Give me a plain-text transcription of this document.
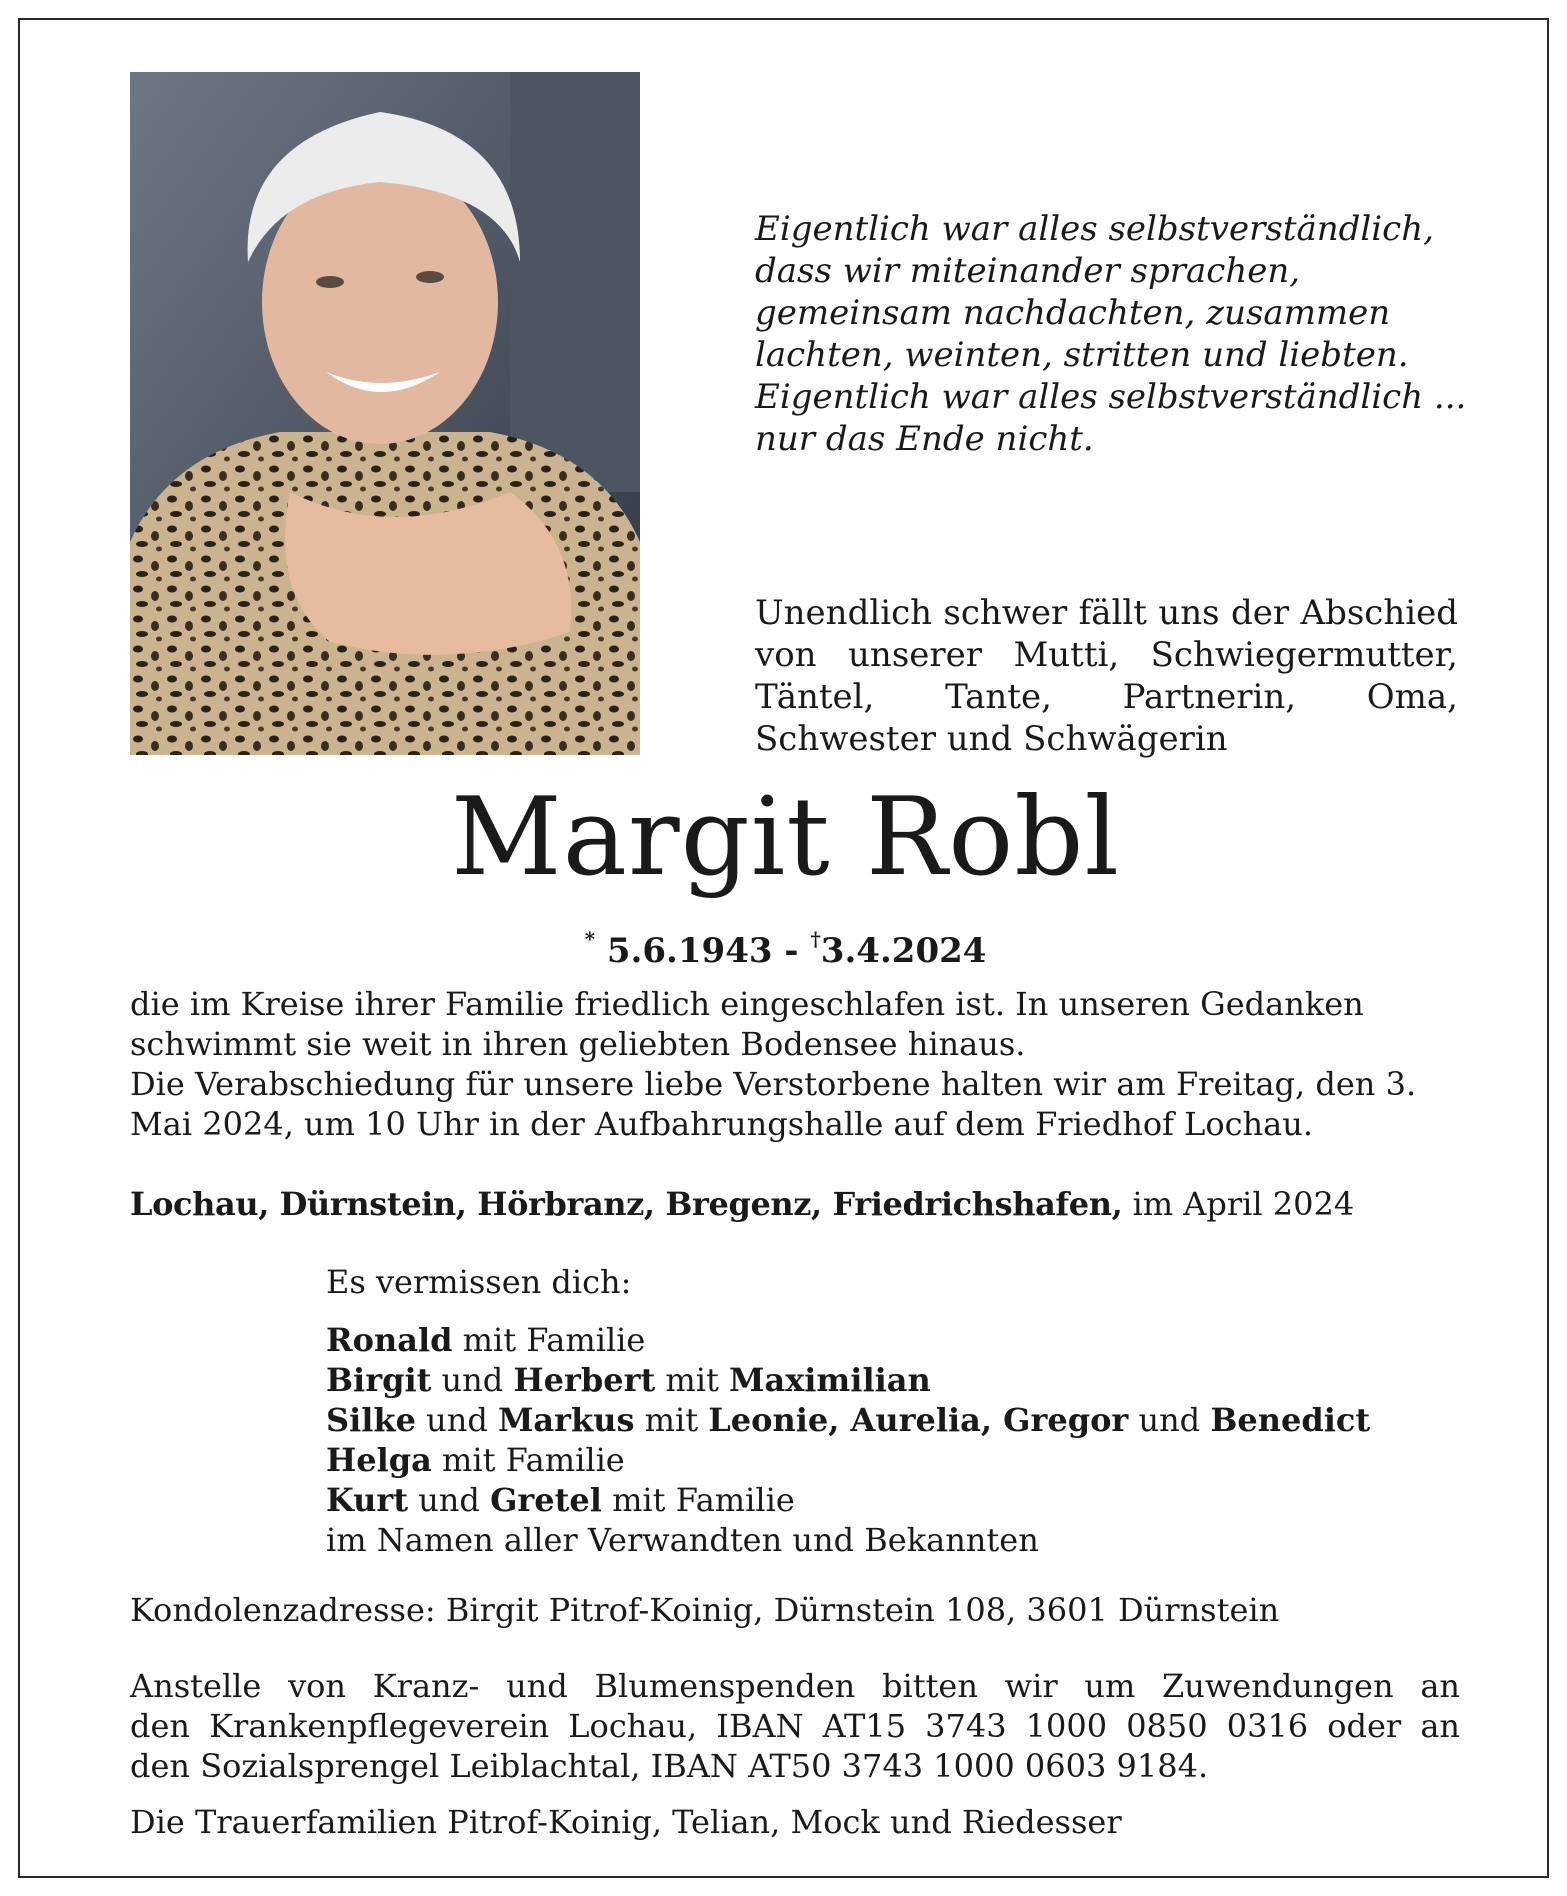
Eigentlich war alles selbstverständlich,
dass wir miteinander sprachen,
gemeinsam nachdachten, zusammen
lachten, weinten, stritten und liebten.
Eigentlich war alles selbstverständlich ...
nur das Ende nicht.
Unendlich schwer fällt uns der Abschied von unserer Mutti, Schwiegermutter, Täntel, Tante, Partnerin, Oma, Schwester und Schwägerin
Margit Robl
* 5.6.1943 - †3.4.2024
die im Kreise ihrer Familie friedlich eingeschlafen ist. In unseren Gedanken schwimmt sie weit in ihren geliebten Bodensee hinaus.
Die Verabschiedung für unsere liebe Verstorbene halten wir am Freitag, den 3. Mai 2024, um 10 Uhr in der Aufbahrungshalle auf dem Friedhof Lochau.
Lochau, Dürnstein, Hörbranz, Bregenz, Friedrichshafen, im April 2024
Es vermissen dich:
Ronald mit Familie
Birgit und Herbert mit Maximilian
Silke und Markus mit Leonie, Aurelia, Gregor und Benedict
Helga mit Familie
Kurt und Gretel mit Familie
im Namen aller Verwandten und Bekannten
Kondolenzadresse: Birgit Pitrof-Koinig, Dürnstein 108, 3601 Dürnstein
Anstelle von Kranz- und Blumenspenden bitten wir um Zuwendungen an
den Krankenpflegeverein Lochau, IBAN AT15 3743 1000 0850 0316 oder an
den Sozialsprengel Leiblachtal, IBAN AT50 3743 1000 0603 9184.
Die Trauerfamilien Pitrof-Koinig, Telian, Mock und Riedesser
